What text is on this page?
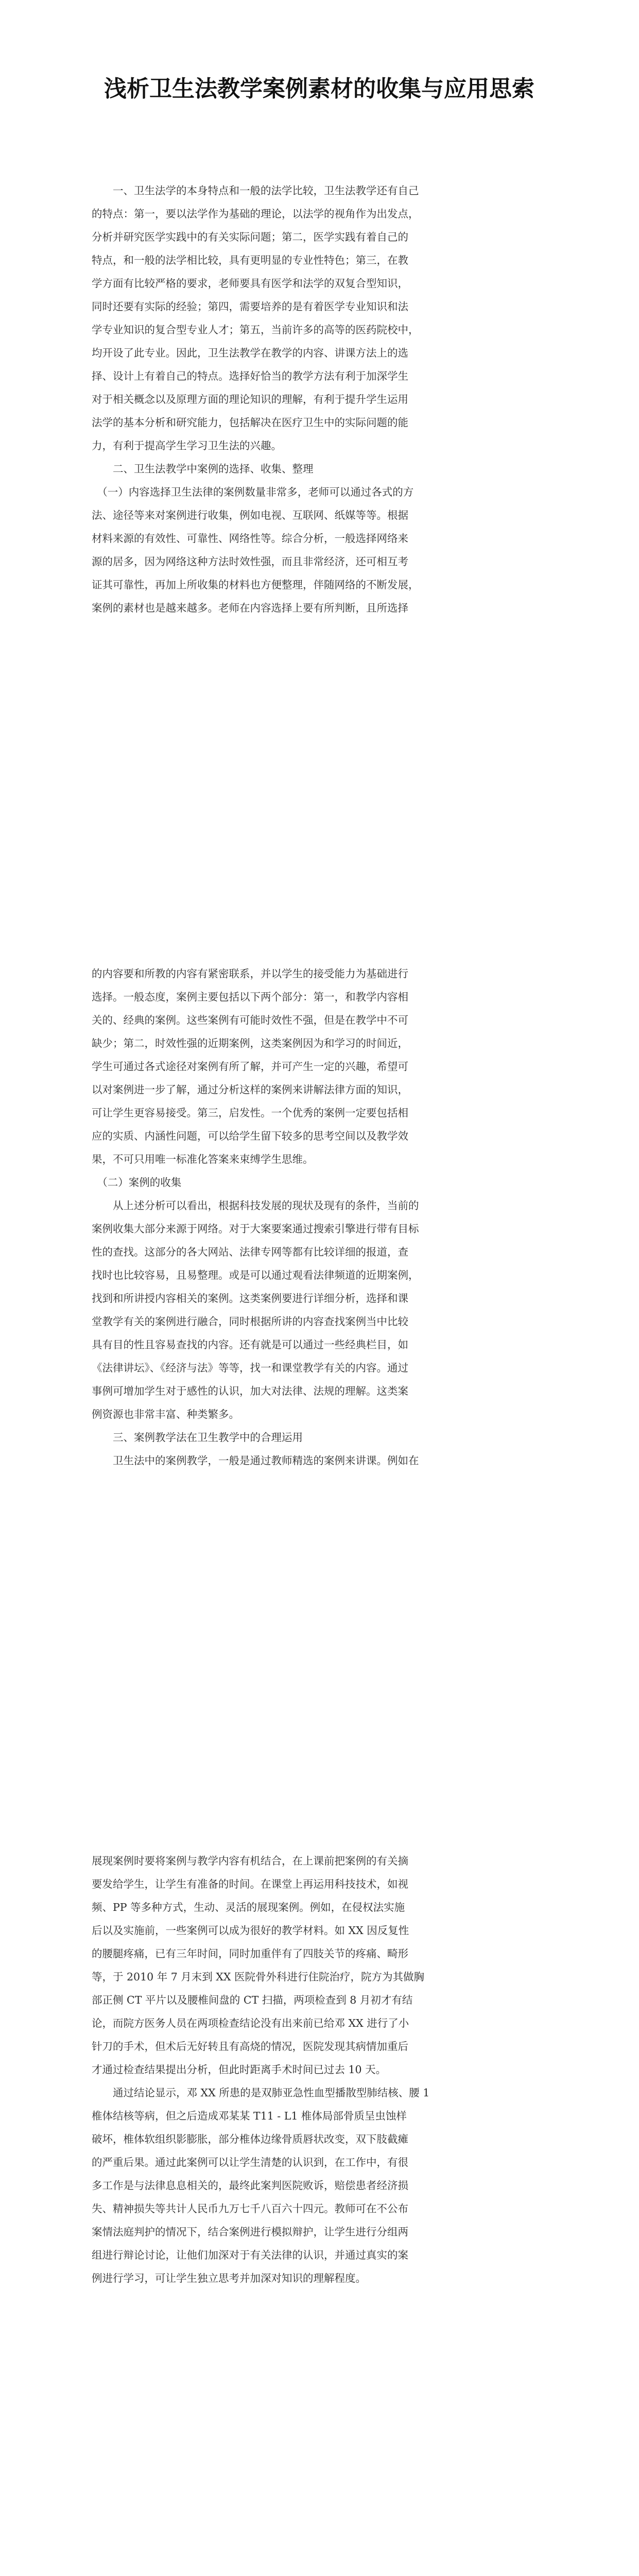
浅析卫生法教学案例素材的收集与应用思索

　　一、卫生法学的本身特点和一般的法学比较，卫生法教学还有自己
的特点：第一，要以法学作为基础的理论，以法学的视角作为出发点，
分析并研究医学实践中的有关实际问题；第二，医学实践有着自己的
特点，和一般的法学相比较，具有更明显的专业性特色；第三，在教
学方面有比较严格的要求，老师要具有医学和法学的双复合型知识，
同时还要有实际的经验；第四，需要培养的是有着医学专业知识和法
学专业知识的复合型专业人才；第五，当前许多的高等的医药院校中，
均开设了此专业。因此，卫生法教学在教学的内容、讲课方法上的选
择、设计上有着自己的特点。选择好恰当的教学方法有利于加深学生
对于相关概念以及原理方面的理论知识的理解，有利于提升学生运用
法学的基本分析和研究能力，包括解决在医疗卫生中的实际问题的能
力，有利于提高学生学习卫生法的兴趣。
　　二、卫生法教学中案例的选择、收集、整理
　（一）内容选择卫生法律的案例数量非常多，老师可以通过各式的方
法、途径等来对案例进行收集，例如电视、互联网、纸媒等等。根据
材料来源的有效性、可靠性、网络性等。综合分析，一般选择网络来
源的居多，因为网络这种方法时效性强，而且非常经济，还可相互考
证其可靠性，再加上所收集的材料也方便整理，伴随网络的不断发展，
案例的素材也是越来越多。老师在内容选择上要有所判断，且所选择

的内容要和所教的内容有紧密联系，并以学生的接受能力为基础进行
选择。一般态度，案例主要包括以下两个部分：第一，和教学内容相
关的、经典的案例。这些案例有可能时效性不强，但是在教学中不可
缺少；第二，时效性强的近期案例，这类案例因为和学习的时间近，
学生可通过各式途径对案例有所了解，并可产生一定的兴趣，希望可
以对案例进一步了解，通过分析这样的案例来讲解法律方面的知识，
可让学生更容易接受。第三，启发性。一个优秀的案例一定要包括相
应的实质、内涵性问题，可以给学生留下较多的思考空间以及教学效
果，不可只用唯一标准化答案来束缚学生思维。
　（二）案例的收集
　　从上述分析可以看出，根据科技发展的现状及现有的条件，当前的
案例收集大部分来源于网络。对于大案要案通过搜索引擎进行带有目标
性的查找。这部分的各大网站、法律专网等都有比较详细的报道，查
找时也比较容易，且易整理。或是可以通过观看法律频道的近期案例，
找到和所讲授内容相关的案例。这类案例要进行详细分析，选择和课
堂教学有关的案例进行融合，同时根据所讲的内容查找案例当中比较
具有目的性且容易查找的内容。还有就是可以通过一些经典栏目，如
《法律讲坛》、《经济与法》等等，找一和课堂教学有关的内容。通过
事例可增加学生对于感性的认识，加大对法律、法规的理解。这类案
例资源也非常丰富、种类繁多。
　　三、案例教学法在卫生教学中的合理运用
　　卫生法中的案例教学，一般是通过教师精选的案例来讲课。例如在

展现案例时要将案例与教学内容有机结合，在上课前把案例的有关摘
要发给学生，让学生有准备的时间。在课堂上再运用科技技术，如视
频、PP 等多种方式，生动、灵活的展现案例。例如，在侵权法实施
后以及实施前，一些案例可以成为很好的教学材料。如 XX 因反复性
的腰腿疼痛，已有三年时间，同时加重伴有了四肢关节的疼痛、畸形
等，于 2010 年 7 月末到 XX 医院骨外科进行住院治疗，院方为其做胸
部正侧 CT 平片以及腰椎间盘的 CT 扫描，两项检查到 8 月初才有结
论，而院方医务人员在两项检查结论没有出来前已给邓 XX 进行了小
针刀的手术，但术后无好转且有高烧的情况，医院发现其病情加重后
才通过检查结果提出分析，但此时距离手术时间已过去 10 天。
　　通过结论显示，邓 XX 所患的是双肺亚急性血型播散型肺结核、腰 1
椎体结核等病，但之后造成邓某某 T11 - L1 椎体局部骨质呈虫蚀样
破坏，椎体软组织影膨胀，部分椎体边缘骨质唇状改变，双下肢截瘫
的严重后果。通过此案例可以让学生清楚的认识到，在工作中，有很
多工作是与法律息息相关的，最终此案判医院败诉，赔偿患者经济损
失、精神损失等共计人民币九万七千八百六十四元。教师可在不公布
案情法庭判护的情况下，结合案例进行模拟辩护，让学生进行分组两
组进行辩论讨论，让他们加深对于有关法律的认识，并通过真实的案
例进行学习，可让学生独立思考并加深对知识的理解程度。
